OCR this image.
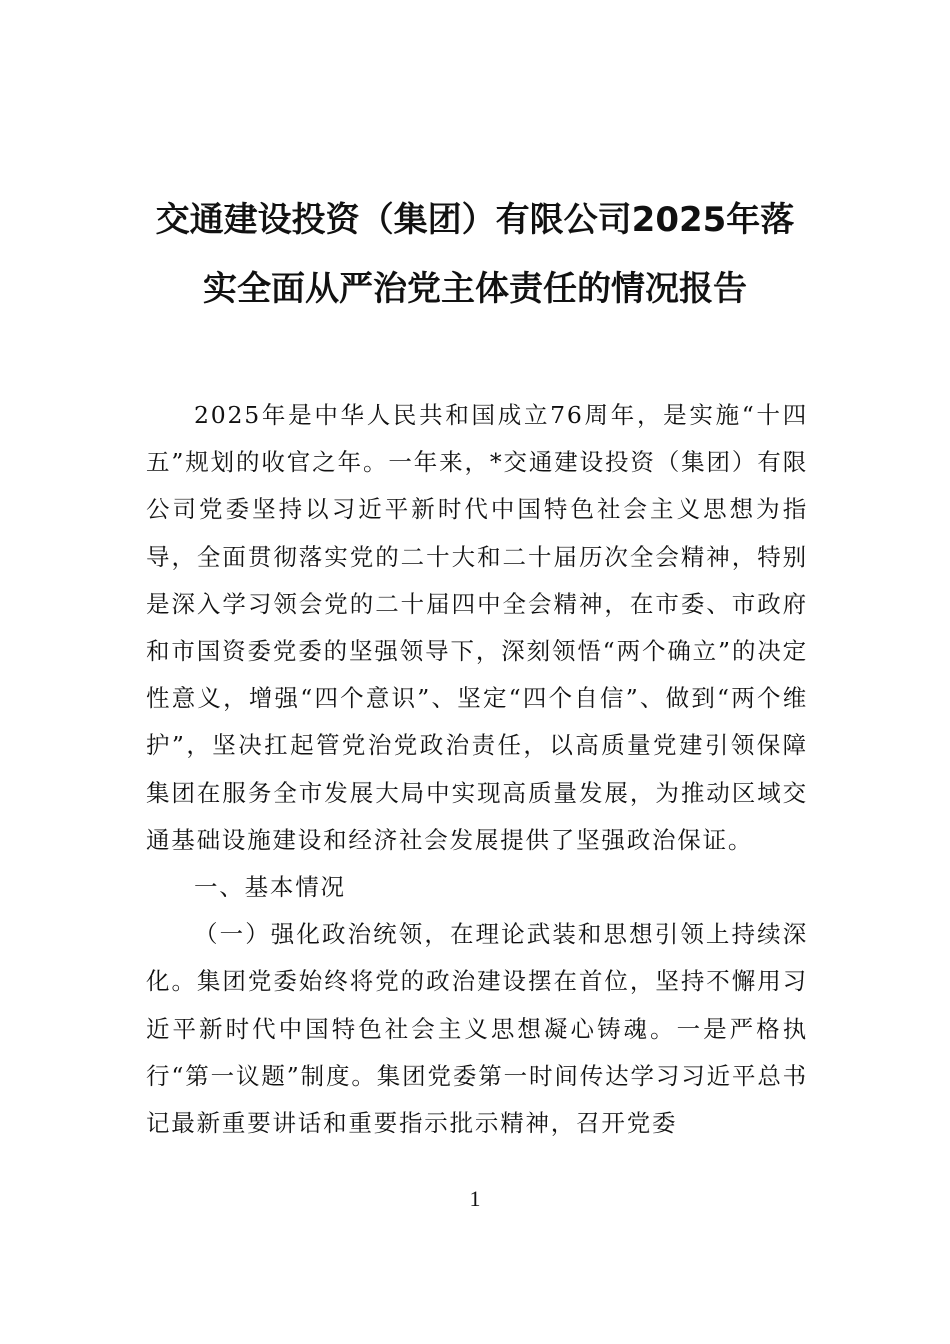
交通建设投资（集团）有限公司2025年落
实全面从严治党主体责任的情况报告

2025年是中华人民共和国成立76周年，是实施“十四五”规划的收官之年。一年来，*交通建设投资（集团）有限公司党委坚持以习近平新时代中国特色社会主义思想为指导，全面贯彻落实党的二十大和二十届历次全会精神，特别是深入学习领会党的二十届四中全会精神，在市委、市政府和市国资委党委的坚强领导下，深刻领悟“两个确立”的决定性意义，增强“四个意识”、坚定“四个自信”、做到“两个维护”，坚决扛起管党治党政治责任，以高质量党建引领保障集团在服务全市发展大局中实现高质量发展，为推动区域交通基础设施建设和经济社会发展提供了坚强政治保证。

一、基本情况

（一）强化政治统领，在理论武装和思想引领上持续深化。集团党委始终将党的政治建设摆在首位，坚持不懈用习近平新时代中国特色社会主义思想凝心铸魂。一是严格执行“第一议题”制度。集团党委第一时间传达学习习近平总书记最新重要讲话和重要指示批示精神，召开党委

1
